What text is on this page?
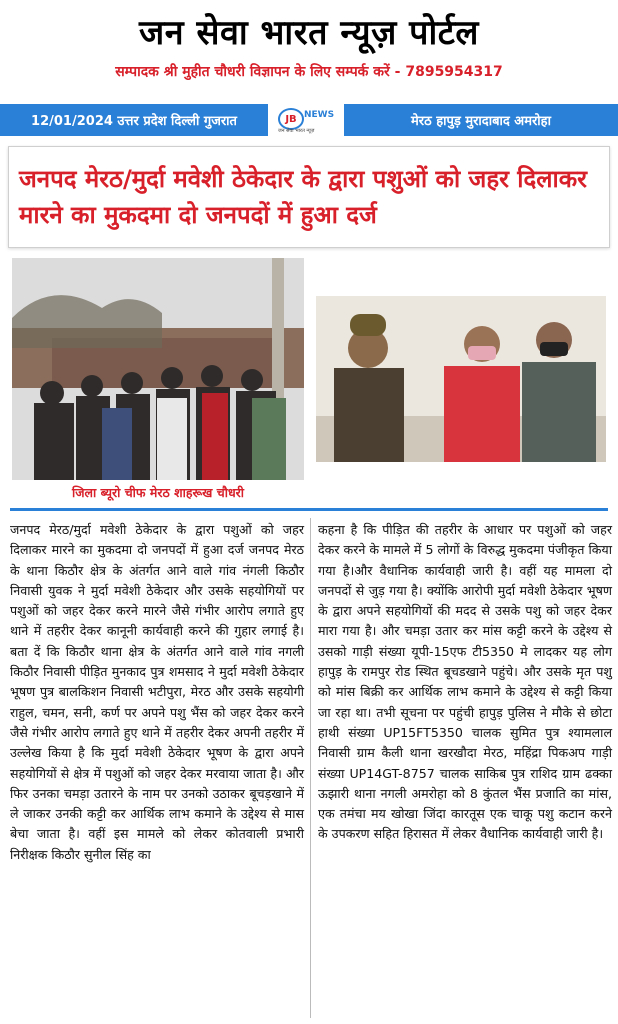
जन सेवा भारत न्यूज़ पोर्टल
सम्पादक श्री मुहीत चौधरी विज्ञापन के लिए सम्पर्क करें - 7895954317
12/01/2024 उत्तर प्रदेश दिल्ली गुजरात	JB NEWS
जन सेवा भारत न्यूज़
मेरठ हापुड़ मुरादाबाद अमरोहा
जनपद मेरठ/मुर्दा मवेशी ठेकेदार के द्वारा पशुओं को जहर दिलाकर मारने का मुकदमा दो जनपदों में हुआ दर्ज
जिला ब्यूरो चीफ मेरठ शाहरूख चौधरी
जनपद मेरठ/मुर्दा मवेशी ठेकेदार के द्वारा पशुओं को जहर दिलाकर मारने का मुकदमा दो जनपदों में हुआ दर्ज जनपद मेरठ के थाना किठौर क्षेत्र के अंतर्गत आने वाले गांव नंगली किठौर निवासी युवक ने मुर्दा मवेशी ठेकेदार और उसके सहयोगियों पर पशुओं को जहर देकर करने मारने जैसे गंभीर आरोप लगाते हुए थाने में तहरीर देकर कानूनी कार्यवाही करने की गुहार लगाई है।बता दें कि किठौर थाना क्षेत्र के अंतर्गत आने वाले गांव नगली किठौर निवासी पीड़ित मुनकाद पुत्र शमसाद ने मुर्दा मवेशी ठेकेदार भूषण पुत्र बालकिशन निवासी भटीपुरा, मेरठ और उसके सहयोगी राहुल, चमन, सनी, कर्ण पर अपने पशु भैंस को जहर देकर करने जैसे गंभीर आरोप लगाते हुए थाने में तहरीर देकर अपनी तहरीर में उल्लेख किया है कि मुर्दा मवेशी ठेकेदार भूषण के द्वारा अपने सहयोगियों से क्षेत्र में पशुओं को जहर देकर मरवाया जाता है। और फिर उनका चमड़ा उतारने के नाम पर उनको उठाकर बूचड़खाने में ले जाकर उनकी कट्टी कर आर्थिक लाभ कमाने के उद्देश्य से मास बेचा जाता है। वहीं इस मामले को लेकर कोतवाली प्रभारी निरीक्षक किठौर सुनील सिंह का
कहना है कि पीड़ित की तहरीर के आधार पर पशुओं को जहर देकर करने के मामले में 5 लोगों के विरुद्ध मुकदमा पंजीकृत किया गया है।और वैधानिक कार्यवाही जारी है। वहीं यह मामला दो जनपदों से जुड़ गया है। क्योंकि आरोपी मुर्दा मवेशी ठेकेदार भूषण के द्वारा अपने सहयोगियों की मदद से उसके पशु को जहर देकर मारा गया है। और चमड़ा उतार कर मांस कट्टी करने के उद्देश्य से उसको गाड़ी संख्या यूपी-15एफ टी5350 मे लादकर यह लोग हापुड़ के रामपुर रोड स्थित बूचडखाने पहुंचे। और उसके मृत पशु को मांस बिक्री कर आर्थिक लाभ कमाने के उद्देश्य से कट्टी किया जा रहा था। तभी सूचना पर पहुंची हापुड़ पुलिस ने मौके से छोटा हाथी संख्या UP15FT5350 चालक सुमित पुत्र श्यामलाल निवासी ग्राम कैली थाना खरखौदा मेरठ, महिंद्रा पिकअप गाड़ी संख्या UP14GT-8757 चालक साकिब पुत्र राशिद ग्राम ढक्का ऊझारी थाना नगली अमरोहा को 8 कुंतल भैंस प्रजाति का मांस, एक तमंचा मय खोखा जिंदा कारतूस एक चाकू पशु कटान करने के उपकरण सहित हिरासत में लेकर वैधानिक कार्यवाही जारी है।
